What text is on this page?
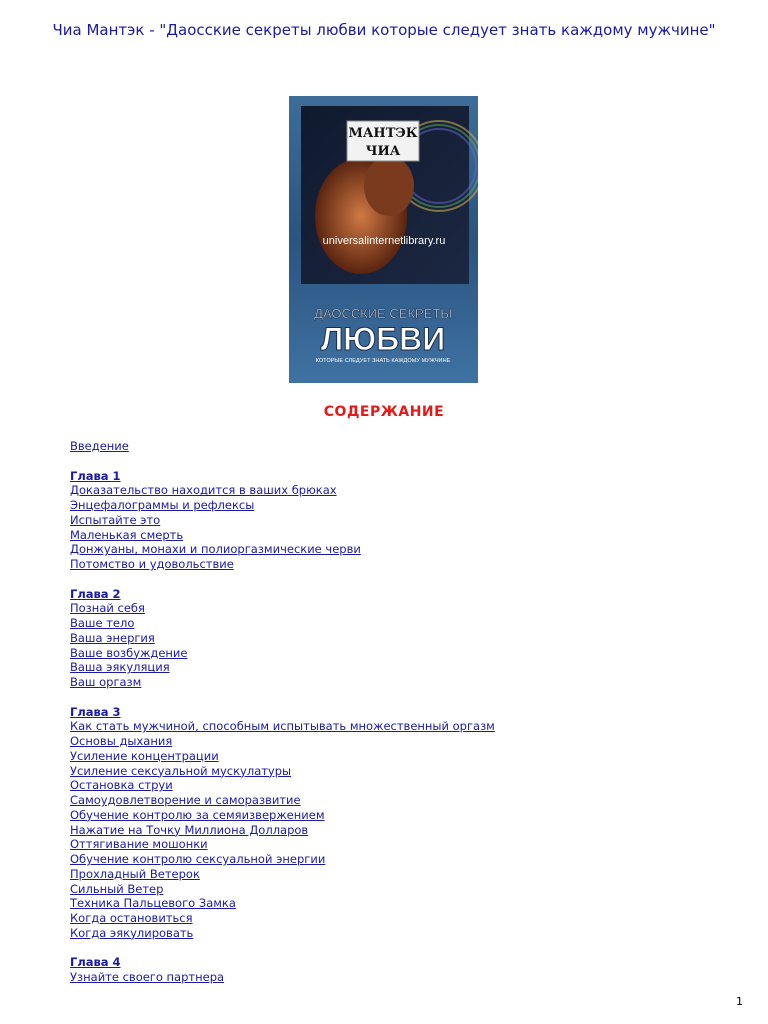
Чиа Мантэк - "Даосские секреты любви которые следует знать каждому мужчине"
МАНТЭК
ЧИА
universalinternetlibrary.ru
ДАОССКИЕ СЕКРЕТЫ
ЛЮБВИ
КОТОРЫЕ СЛЕДУЕТ ЗНАТЬ КАЖДОМУ МУЖЧИНЕ
СОДЕРЖАНИЕ
Введение
Глава 1
Доказательство находится в ваших брюках
Энцефалограммы и рефлексы
Испытайте это
Маленькая смерть
Донжуаны, монахи и полиоргазмические черви
Потомство и удовольствие
Глава 2
Познай себя
Ваше тело
Ваша энергия
Ваше возбуждение
Ваша эякуляция
Ваш оргазм
Глава 3
Как стать мужчиной, способным испытывать множественный оргазм
Основы дыхания
Усиление концентрации
Усиление сексуальной мускулатуры
Остановка струи
Самоудовлетворение и саморазвитие
Обучение контролю за семяизвержением
Нажатие на Точку Миллиона Долларов
Оттягивание мошонки
Обучение контролю сексуальной энергии
Прохладный Ветерок
Сильный Ветер
Техника Пальцевого Замка
Когда остановиться
Когда эякулировать
Глава 4
Узнайте своего партнера
1
